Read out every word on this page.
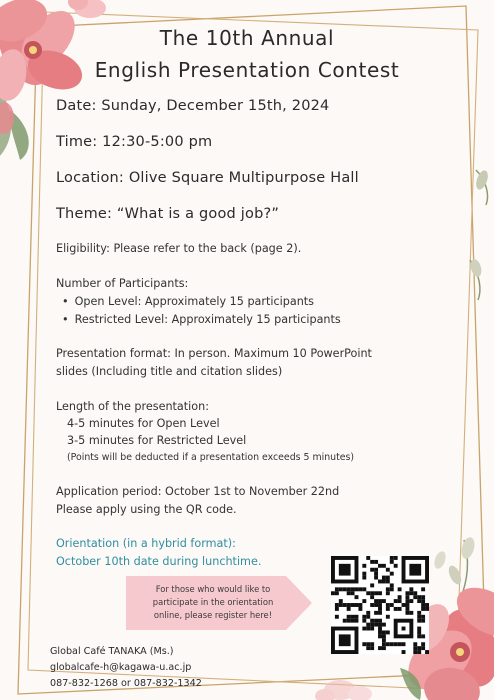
The 10th Annual
English Presentation Contest
Date: Sunday, December 15th, 2024
Time: 12:30-5:00 pm
Location: Olive Square Multipurpose Hall
Theme: “What is a good job?”
Eligibility: Please refer to the back (page 2).
Number of Participants:
• Open Level: Approximately 15 participants
• Restricted Level: Approximately 15 participants
Presentation format: In person. Maximum 10 PowerPoint
slides (Including title and citation slides)
Length of the presentation:
4-5 minutes for Open Level
3-5 minutes for Restricted Level
(Points will be deducted if a presentation exceeds 5 minutes)
Application period: October 1st to November 22nd
Please apply using the QR code.
Orientation (in a hybrid format):
October 10th date during lunchtime.
For those who would like to
participate in the orientation
online, please register here!
Global Café TANAKA (Ms.)
globalcafe-h@kagawa-u.ac.jp
087-832-1268 or 087-832-1342
